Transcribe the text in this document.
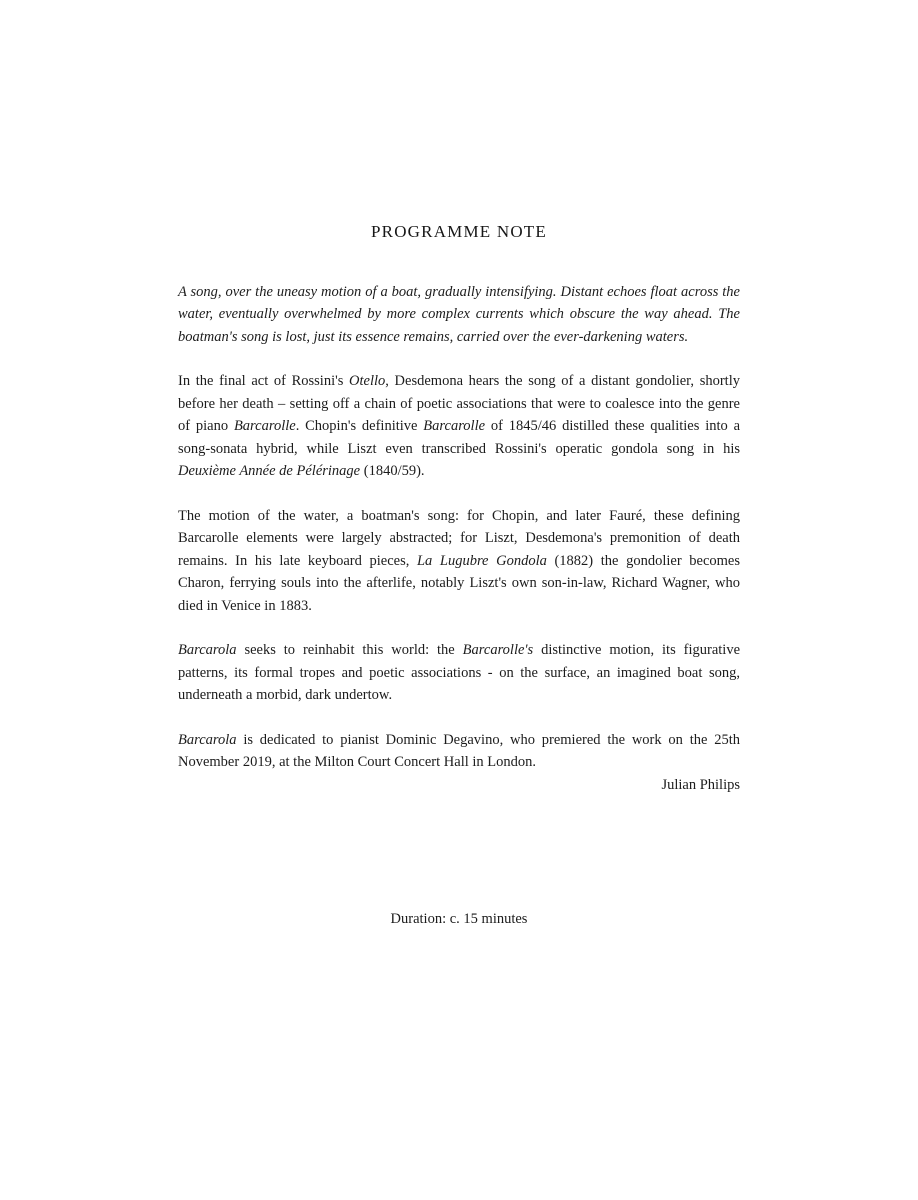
PROGRAMME NOTE

A song, over the uneasy motion of a boat, gradually intensifying. Distant echoes float across the water, eventually overwhelmed by more complex currents which obscure the way ahead. The boatman's song is lost, just its essence remains, carried over the ever-darkening waters.

In the final act of Rossini's Otello, Desdemona hears the song of a distant gondolier, shortly before her death – setting off a chain of poetic associations that were to coalesce into the genre of piano Barcarolle. Chopin's definitive Barcarolle of 1845/46 distilled these qualities into a song-sonata hybrid, while Liszt even transcribed Rossini's operatic gondola song in his Deuxième Année de Pélérinage (1840/59).

The motion of the water, a boatman's song: for Chopin, and later Fauré, these defining Barcarolle elements were largely abstracted; for Liszt, Desdemona's premonition of death remains. In his late keyboard pieces, La Lugubre Gondola (1882) the gondolier becomes Charon, ferrying souls into the afterlife, notably Liszt's own son-in-law, Richard Wagner, who died in Venice in 1883.

Barcarola seeks to reinhabit this world: the Barcarolle's distinctive motion, its figurative patterns, its formal tropes and poetic associations - on the surface, an imagined boat song, underneath a morbid, dark undertow.

Barcarola is dedicated to pianist Dominic Degavino, who premiered the work on the 25th November 2019, at the Milton Court Concert Hall in London.

Julian Philips
Duration: c. 15 minutes
